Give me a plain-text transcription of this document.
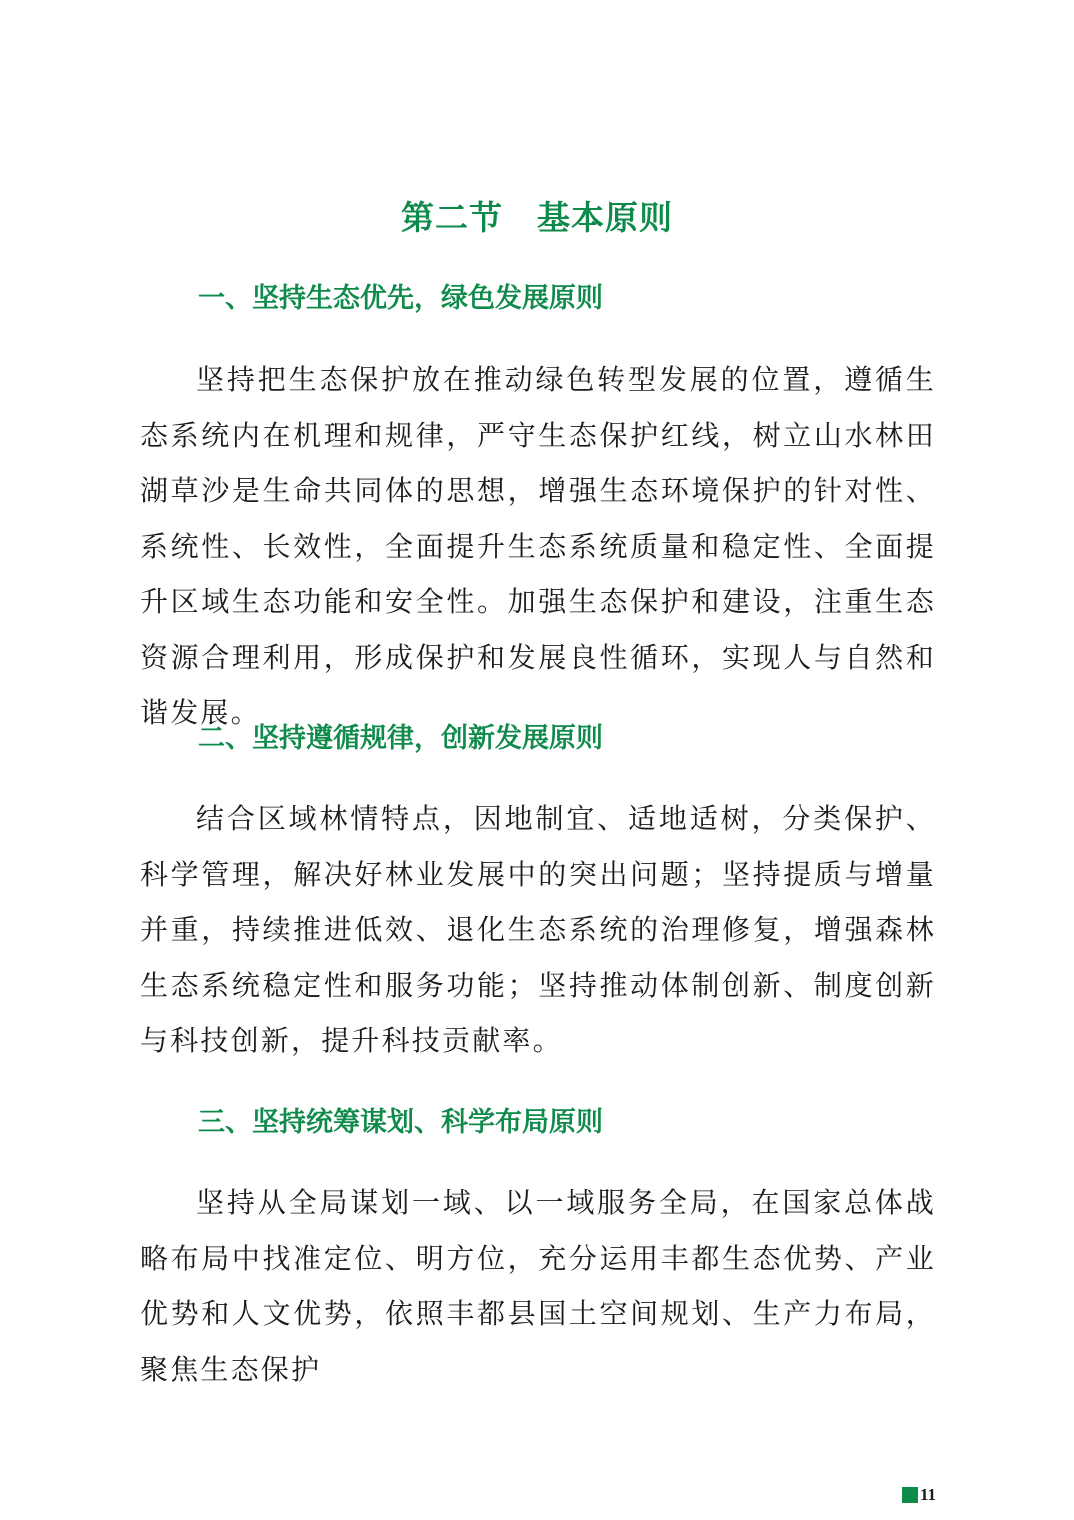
第二节　基本原则
一、坚持生态优先，绿色发展原则

坚持把生态保护放在推动绿色转型发展的位置，遵循生态系统内在机理和规律，严守生态保护红线，树立山水林田湖草沙是生命共同体的思想，增强生态环境保护的针对性、系统性、长效性，全面提升生态系统质量和稳定性、全面提升区域生态功能和安全性。加强生态保护和建设，注重生态资源合理利用，形成保护和发展良性循环，实现人与自然和谐发展。

二、坚持遵循规律，创新发展原则

结合区域林情特点，因地制宜、适地适树，分类保护、科学管理，解决好林业发展中的突出问题；坚持提质与增量并重，持续推进低效、退化生态系统的治理修复，增强森林生态系统稳定性和服务功能；坚持推动体制创新、制度创新与科技创新，提升科技贡献率。

三、坚持统筹谋划、科学布局原则

坚持从全局谋划一域、以一域服务全局，在国家总体战略布局中找准定位、明方位，充分运用丰都生态优势、产业优势和人文优势，依照丰都县国土空间规划、生产力布局，聚焦生态保护

11
